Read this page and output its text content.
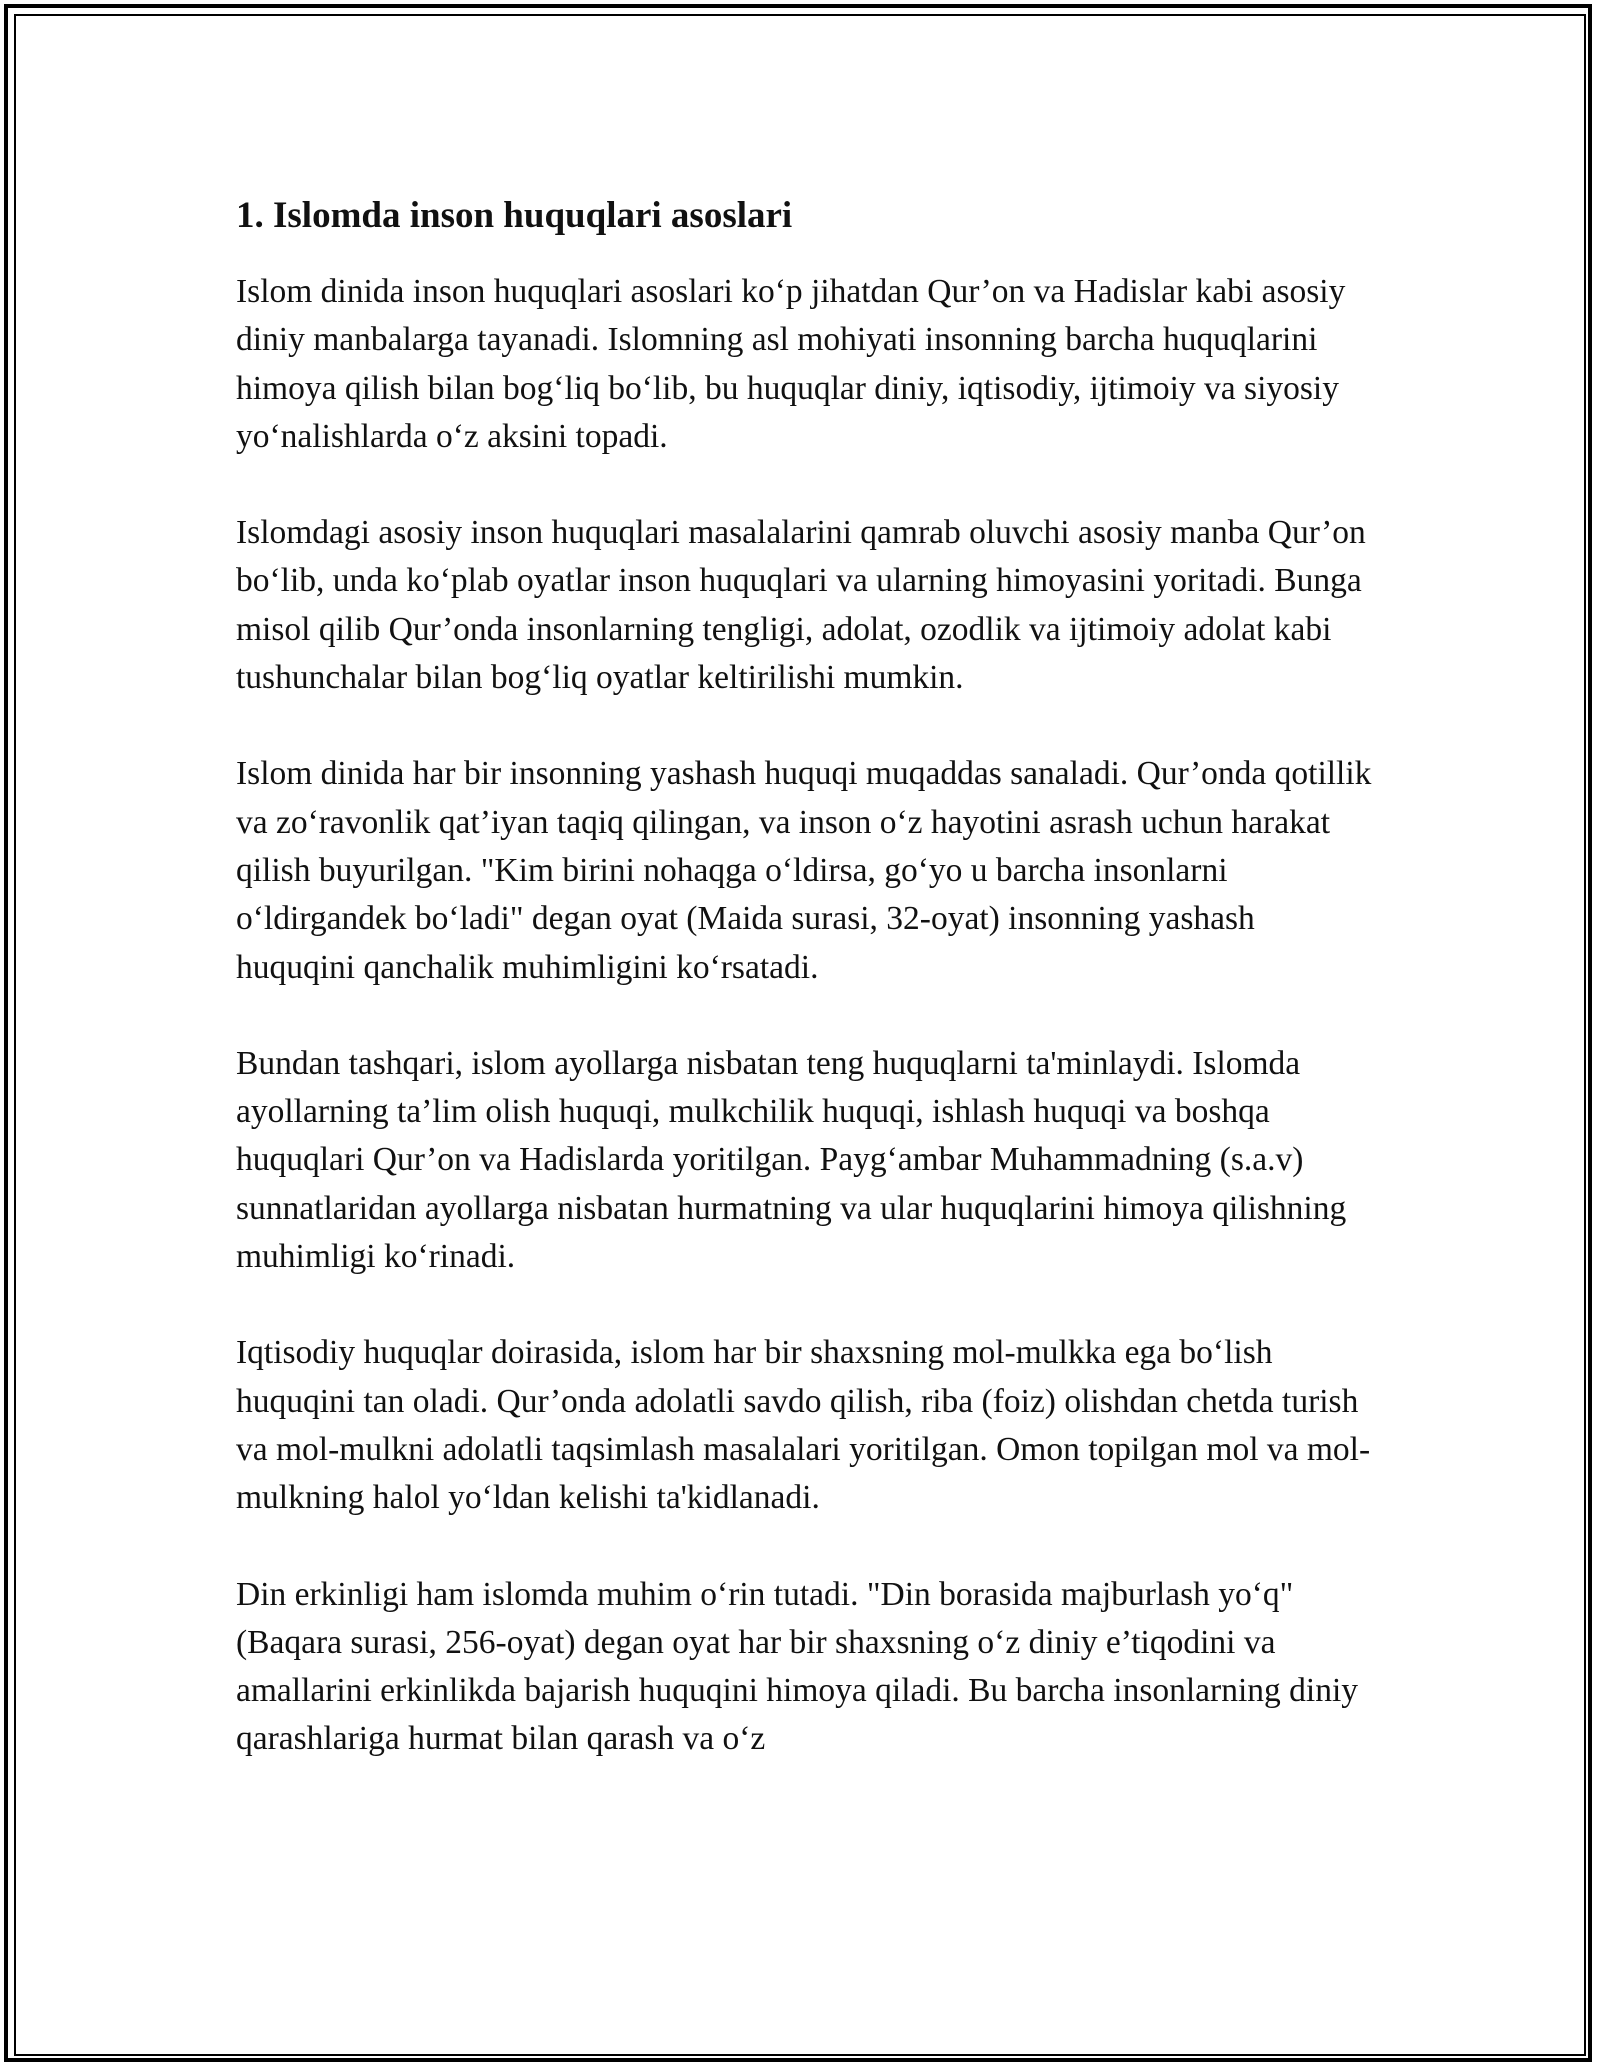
1. Islomda inson huquqlari asoslari

Islom dinida inson huquqlari asoslari ko‘p jihatdan Qur’on va Hadislar kabi asosiy diniy manbalarga tayanadi. Islomning asl mohiyati insonning barcha huquqlarini himoya qilish bilan bog‘liq bo‘lib, bu huquqlar diniy, iqtisodiy, ijtimoiy va siyosiy yo‘nalishlarda o‘z aksini topadi.

Islomdagi asosiy inson huquqlari masalalarini qamrab oluvchi asosiy manba Qur’on bo‘lib, unda ko‘plab oyatlar inson huquqlari va ularning himoyasini yoritadi. Bunga misol qilib Qur’onda insonlarning tengligi, adolat, ozodlik va ijtimoiy adolat kabi tushunchalar bilan bog‘liq oyatlar keltirilishi mumkin.

Islom dinida har bir insonning yashash huquqi muqaddas sanaladi. Qur’onda qotillik va zo‘ravonlik qat’iyan taqiq qilingan, va inson o‘z hayotini asrash uchun harakat qilish buyurilgan. "Kim birini nohaqga o‘ldirsa, go‘yo u barcha insonlarni o‘ldirgandek bo‘ladi" degan oyat (Maida surasi, 32-oyat) insonning yashash huquqini qanchalik muhimligini ko‘rsatadi.

Bundan tashqari, islom ayollarga nisbatan teng huquqlarni ta'minlaydi. Islomda ayollarning ta’lim olish huquqi, mulkchilik huquqi, ishlash huquqi va boshqa huquqlari Qur’on va Hadislarda yoritilgan. Payg‘ambar Muhammadning (s.a.v) sunnatlaridan ayollarga nisbatan hurmatning va ular huquqlarini himoya qilishning muhimligi ko‘rinadi.

Iqtisodiy huquqlar doirasida, islom har bir shaxsning mol-mulkka ega bo‘lish huquqini tan oladi. Qur’onda adolatli savdo qilish, riba (foiz) olishdan chetda turish va mol-mulkni adolatli taqsimlash masalalari yoritilgan. Omon topilgan mol va mol-mulkning halol yo‘ldan kelishi ta'kidlanadi.

Din erkinligi ham islomda muhim o‘rin tutadi. "Din borasida majburlash yo‘q" (Baqara surasi, 256-oyat) degan oyat har bir shaxsning o‘z diniy e’tiqodini va amallarini erkinlikda bajarish huquqini himoya qiladi. Bu barcha insonlarning diniy qarashlariga hurmat bilan qarash va o‘z
